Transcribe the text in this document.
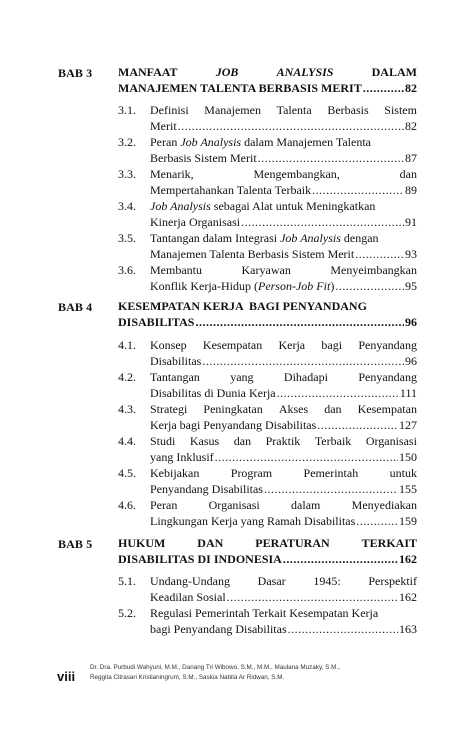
BAB 3 MANFAAT	JOB	ANALYSIS	DALAM
MANAJEMEN TALENTA BERBASIS MERIT .....	82
3.1. Definisi Manajemen Talenta Berbasis Sistem
Merit .....	82
3.2. Peran Job Analysis dalam Manajemen Talenta
Berbasis Sistem Merit .....	87
3.3. Menarik,	Mengembangkan,	dan
Mempertahankan Talenta Terbaik .....	89
3.4. Job Analysis sebagai Alat untuk Meningkatkan
Kinerja Organisasi .....	91
3.5. Tantangan dalam Integrasi Job Analysis dengan
Manajemen Talenta Berbasis Sistem Merit .....	93
3.6. Membantu	Karyawan	Menyeimbangkan
Konflik Kerja-Hidup (Person-Job Fit) .....	95
BAB 4 KESEMPATAN KERJA  BAGI PENYANDANG
DISABILITAS .....	96
4.1. Konsep Kesempatan Kerja bagi Penyandang
Disabilitas .....	96
4.2. Tantangan	yang	Dihadapi	Penyandang
Disabilitas di Dunia Kerja .....	111
4.3. Strategi Peningkatan Akses dan Kesempatan
Kerja bagi Penyandang Disabilitas .....	127
4.4. Studi Kasus dan Praktik Terbaik Organisasi
yang Inklusif .....	150
4.5. Kebijakan	Program	Pemerintah	untuk
Penyandang Disabilitas .....	155
4.6. Peran	Organisasi	dalam	Menyediakan
Lingkungan Kerja yang Ramah Disabilitas .....	159
BAB 5 HUKUM	DAN	PERATURAN	TERKAIT
DISABILITAS DI INDONESIA .....	162
5.1. Undang-Undang Dasar 1945: Perspektif
Keadilan Sosial .....	162
5.2. Regulasi Pemerintah Terkait Kesempatan Kerja
bagi Penyandang Disabilitas .....	163
viii
Dr. Dra. Purbudi Wahyuni, M.M., Danang Tri Wibowo, S.M., M.M., Maulana Muzaky, S.M.,
Reggita Citrasari Kristianingrum, S.M., Saskia Nabila Ar Ridwan, S.M.
